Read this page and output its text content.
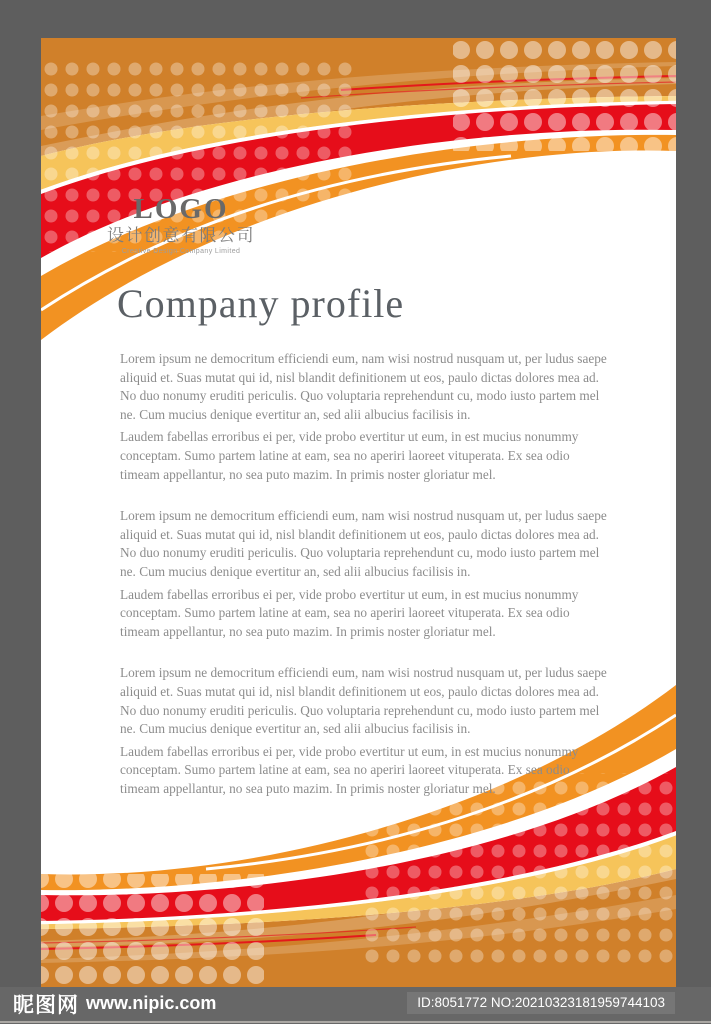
LOGO
设计创意有限公司
Creative Design Company Limited
Company profile

Lorem ipsum ne democritum efficiendi eum, nam wisi nostrud nusquam ut, per ludus saepe aliquid et. Suas mutat qui id, nisl blandit definitionem ut eos, paulo dictas dolores mea ad. No duo nonumy eruditi periculis. Quo voluptaria reprehendunt cu, modo iusto partem mel ne. Cum mucius denique evertitur an, sed alii albucius facilisis in.

Laudem fabellas erroribus ei per, vide probo evertitur ut eum, in est mucius nonummy conceptam. Sumo partem latine at eam, sea no aperiri laoreet vituperata. Ex sea odio timeam appellantur, no sea puto mazim. In primis noster gloriatur mel.

Lorem ipsum ne democritum efficiendi eum, nam wisi nostrud nusquam ut, per ludus saepe aliquid et. Suas mutat qui id, nisl blandit definitionem ut eos, paulo dictas dolores mea ad. No duo nonumy eruditi periculis. Quo voluptaria reprehendunt cu, modo iusto partem mel ne. Cum mucius denique evertitur an, sed alii albucius facilisis in.

Laudem fabellas erroribus ei per, vide probo evertitur ut eum, in est mucius nonummy conceptam. Sumo partem latine at eam, sea no aperiri laoreet vituperata. Ex sea odio timeam appellantur, no sea puto mazim. In primis noster gloriatur mel.

Lorem ipsum ne democritum efficiendi eum, nam wisi nostrud nusquam ut, per ludus saepe aliquid et. Suas mutat qui id, nisl blandit definitionem ut eos, paulo dictas dolores mea ad. No duo nonumy eruditi periculis. Quo voluptaria reprehendunt cu, modo iusto partem mel ne. Cum mucius denique evertitur an, sed alii albucius facilisis in.

Laudem fabellas erroribus ei per, vide probo evertitur ut eum, in est mucius nonummy conceptam. Sumo partem latine at eam, sea no aperiri laoreet vituperata. Ex sea odio timeam appellantur, no sea puto mazim. In primis noster gloriatur mel.

昵图网 www.nipic.com	ID:8051772 NO:20210323181959744103
